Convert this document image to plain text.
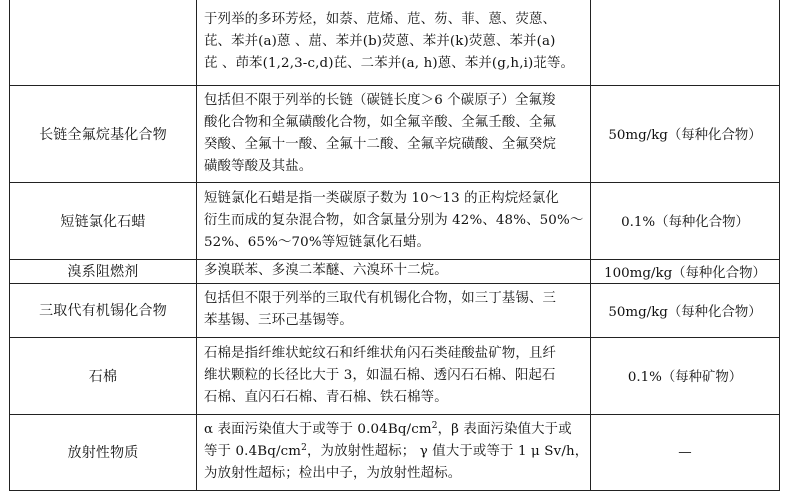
	于列举的多环芳烃，如萘、苊烯、苊、芴、菲、蒽、荧蒽、
芘、苯并(a)蒽 、䓛、苯并(b)荧蒽、苯并(k)荧蒽、苯并(a)
芘 、茚苯(1,2,3-c,d)芘、二苯并(a, h)蒽、苯并(g,h,i)苝等。	

长链全氟烷基化合物	包括但不限于列举的长链（碳链长度＞6 个碳原子）全氟羧
酸化合物和全氟磺酸化合物，如全氟辛酸、全氟壬酸、全氟
癸酸、全氟十一酸、全氟十二酸、全氟辛烷磺酸、全氟癸烷
磺酸等酸及其盐。	50mg/kg（每种化合物）
短链氯化石蜡	短链氯化石蜡是指一类碳原子数为 10～13 的正构烷烃氯化
衍生而成的复杂混合物，如含氯量分别为 42%、48%、50%～
52%、65%～70%等短链氯化石蜡。	0.1%（每种化合物）
溴系阻燃剂	多溴联苯、多溴二苯醚、六溴环十二烷。	100mg/kg（每种化合物）
三取代有机锡化合物	包括但不限于列举的三取代有机锡化合物，如三丁基锡、三
苯基锡、三环己基锡等。	50mg/kg（每种化合物）
石棉	石棉是指纤维状蛇纹石和纤维状角闪石类硅酸盐矿物，且纤
维状颗粒的长径比大于 3，如温石棉、透闪石石棉、阳起石
石棉、直闪石石棉、青石棉、铁石棉等。	0.1%（每种矿物）
放射性物质	α 表面污染值大于或等于 $0.04Bq/cm^2$，β 表面污染值大于或
等于 $0.4Bq/cm^2$，为放射性超标； γ 值大于或等于 1 μ Sv/h，
为放射性超标；检出中子，为放射性超标。	—
